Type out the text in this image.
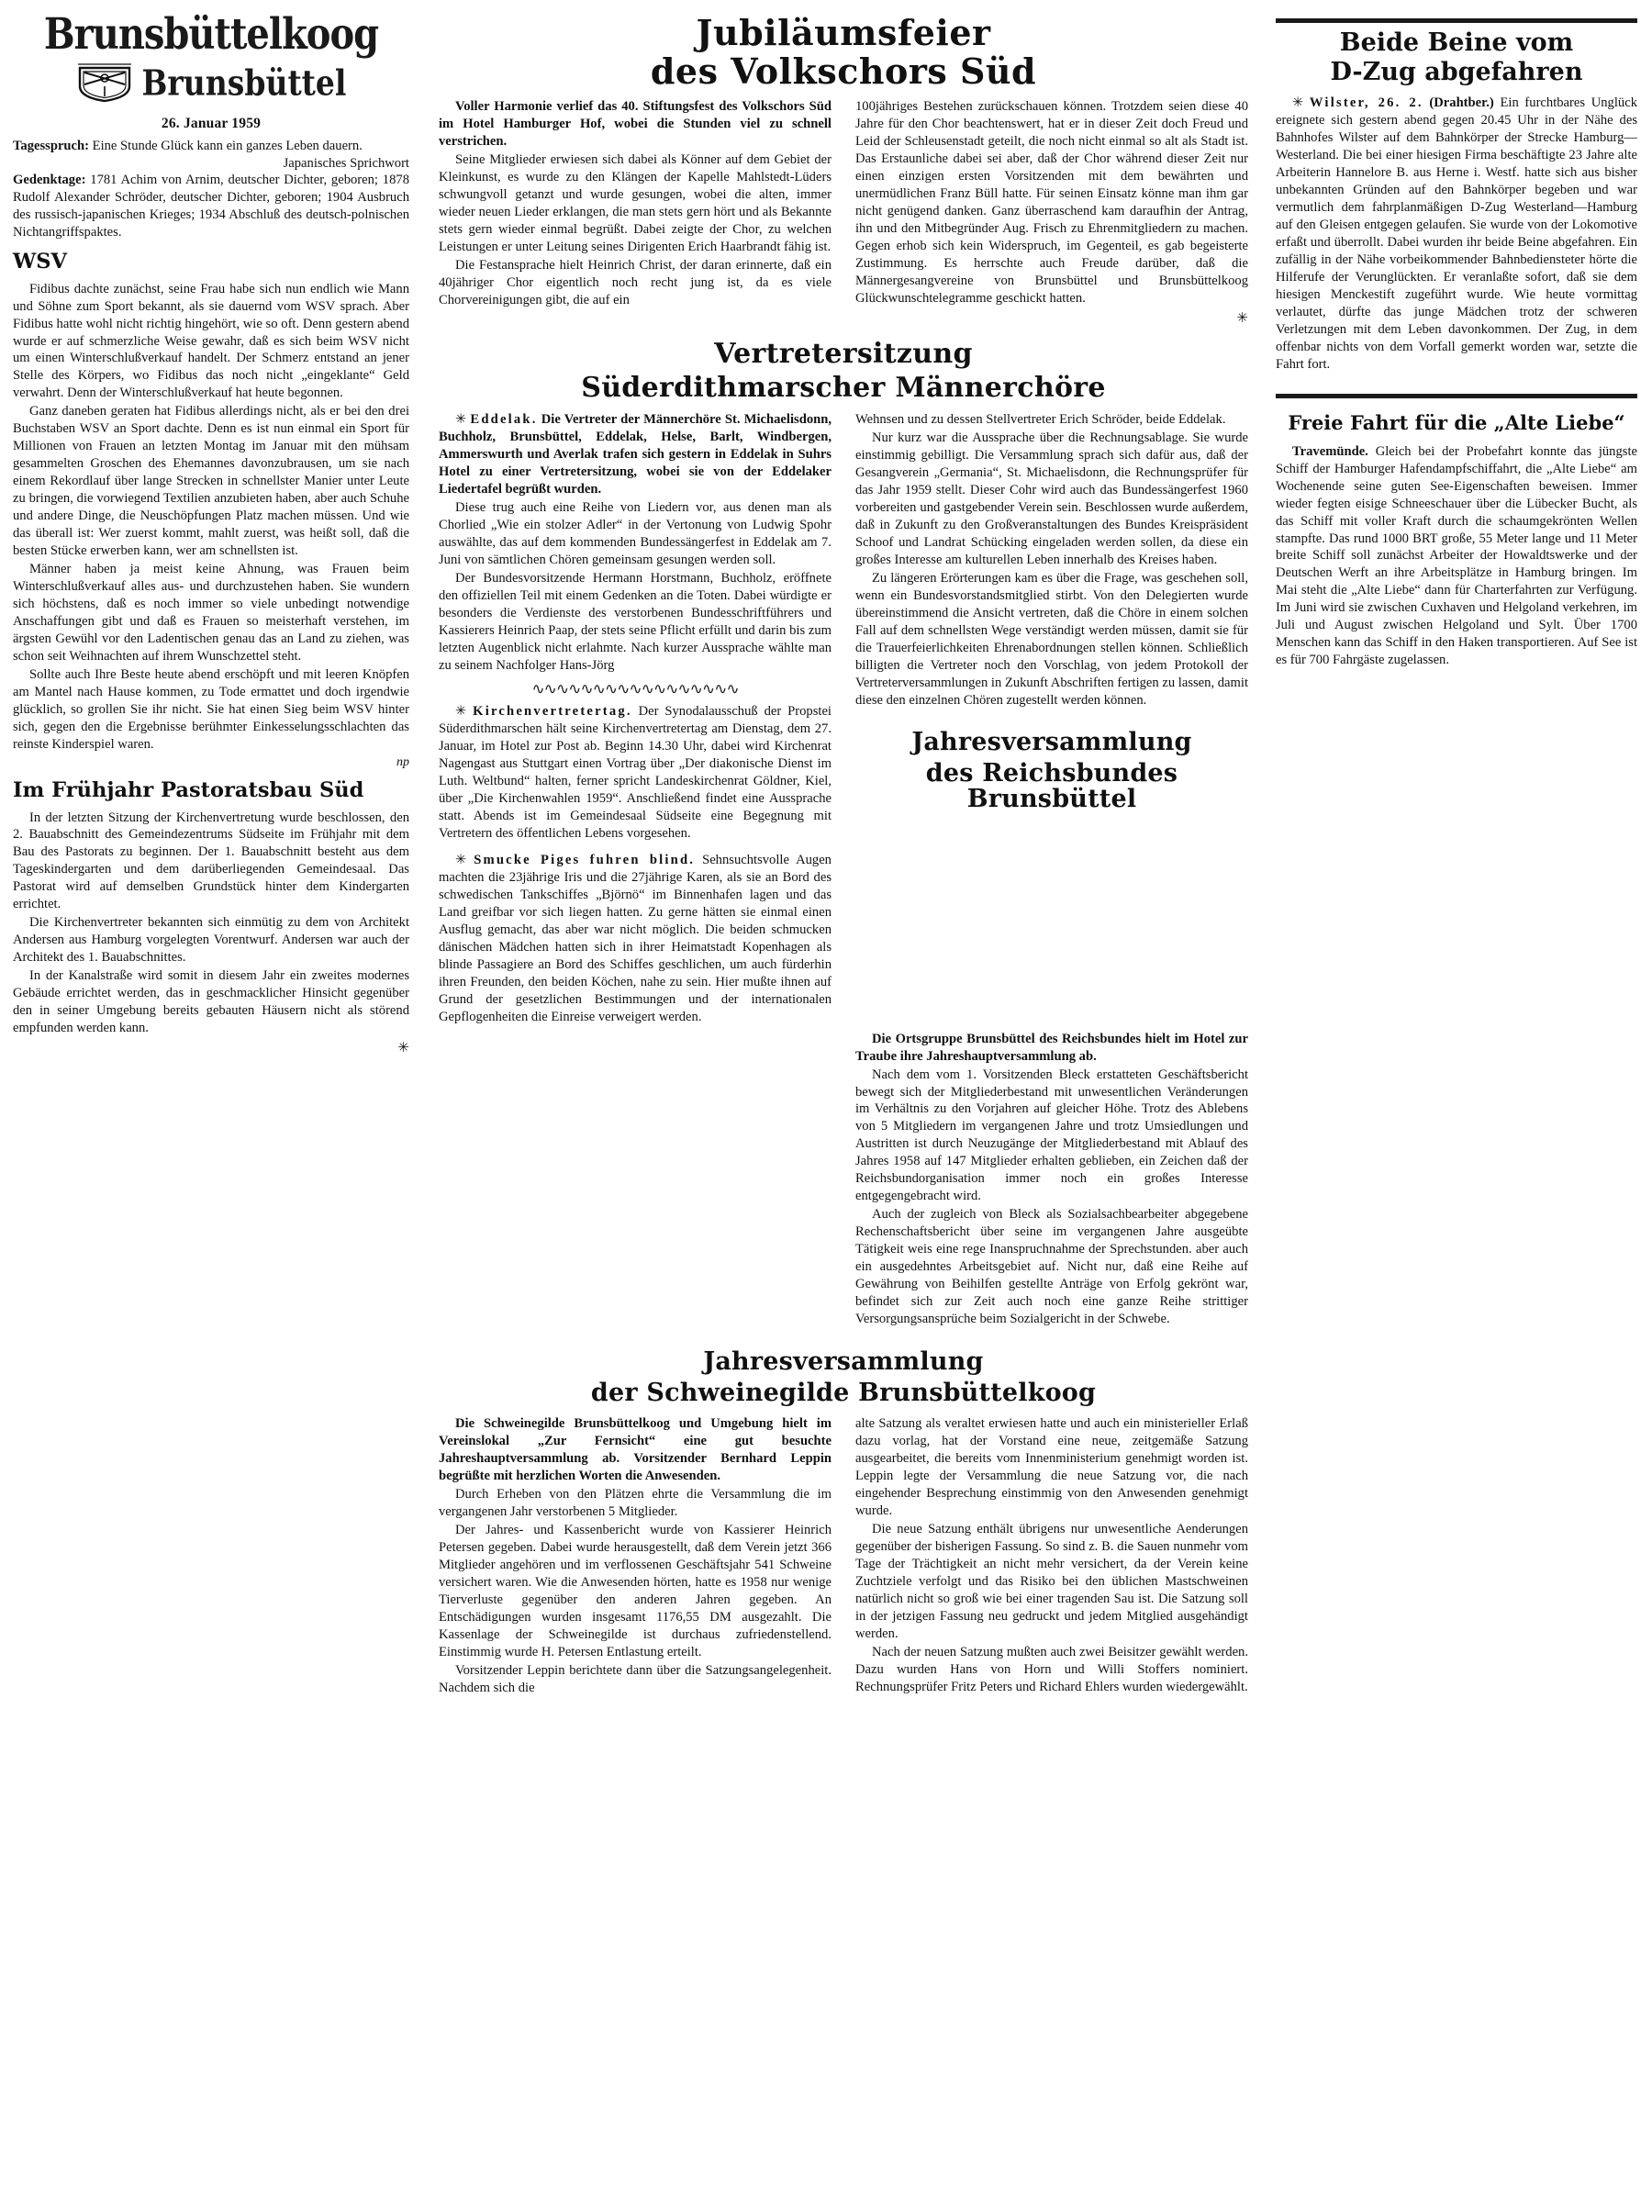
Brunsbüttelkoog
Brunsbüttel
26. Januar 1959
Tagesspruch: Eine Stunde Glück kann ein ganzes Leben dauern.
Japanisches Sprichwort
Gedenktage: 1781 Achim von Arnim, deutscher Dichter, geboren; 1878 Rudolf Alexander Schröder, deutscher Dichter, geboren; 1904 Ausbruch des russisch-japanischen Krieges; 1934 Abschluß des deutsch-polnischen Nichtangriffspaktes.
WSV
Fidibus dachte zunächst, seine Frau habe sich nun endlich wie Mann und Söhne zum Sport bekannt, als sie dauernd vom WSV sprach. Aber Fidibus hatte wohl nicht richtig hingehört, wie so oft. Denn gestern abend wurde er auf schmerzliche Weise gewahr, daß es sich beim WSV nicht um einen Winterschlußverkauf handelt. Der Schmerz entstand an jener Stelle des Körpers, wo Fidibus das noch nicht „eingeklante“ Geld verwahrt. Denn der Winterschlußverkauf hat heute begonnen.
Ganz daneben geraten hat Fidibus allerdings nicht, als er bei den drei Buchstaben WSV an Sport dachte. Denn es ist nun einmal ein Sport für Millionen von Frauen an letzten Montag im Januar mit den mühsam gesammelten Groschen des Ehemannes davonzubrausen, um sie nach einem Rekordlauf über lange Strecken in schnellster Manier unter Leute zu bringen, die vorwiegend Textilien anzubieten haben, aber auch Schuhe und andere Dinge, die Neuschöpfungen Platz machen müssen. Und wie das überall ist: Wer zuerst kommt, mahlt zuerst, was heißt soll, daß die besten Stücke erwerben kann, wer am schnellsten ist.
Männer haben ja meist keine Ahnung, was Frauen beim Winterschlußverkauf alles aus- und durchzustehen haben. Sie wundern sich höchstens, daß es noch immer so viele unbedingt notwendige Anschaffungen gibt und daß es Frauen so meisterhaft verstehen, im ärgsten Gewühl vor den Ladentischen genau das an Land zu ziehen, was schon seit Weihnachten auf ihrem Wunschzettel steht.
Sollte auch Ihre Beste heute abend erschöpft und mit leeren Knöpfen am Mantel nach Hause kommen, zu Tode ermattet und doch irgendwie glücklich, so grollen Sie ihr nicht. Sie hat einen Sieg beim WSV hinter sich, gegen den die Ergebnisse berühmter Einkesselungsschlachten das reinste Kinderspiel waren.
np
Im Frühjahr Pastoratsbau Süd
In der letzten Sitzung der Kirchenvertretung wurde beschlossen, den 2. Bauabschnitt des Gemeindezentrums Südseite im Frühjahr mit dem Bau des Pastorats zu beginnen. Der 1. Bauabschnitt besteht aus dem Tageskindergarten und dem darüberliegenden Gemeindesaal. Das Pastorat wird auf demselben Grundstück hinter dem Kindergarten errichtet.
Die Kirchenvertreter bekannten sich einmütig zu dem von Architekt Andersen aus Hamburg vorgelegten Vorentwurf. Andersen war auch der Architekt des 1. Bauabschnittes.
In der Kanalstraße wird somit in diesem Jahr ein zweites modernes Gebäude errichtet werden, das in geschmacklicher Hinsicht gegenüber den in seiner Umgebung bereits gebauten Häusern nicht als störend empfunden werden kann.
✳
Jubiläumsfeier
des Volkschors Süd
Voller Harmonie verlief das 40. Stiftungsfest des Volkschors Süd im Hotel Hamburger Hof, wobei die Stunden viel zu schnell verstrichen.
Seine Mitglieder erwiesen sich dabei als Könner auf dem Gebiet der Kleinkunst, es wurde zu den Klängen der Kapelle Mahlstedt-Lüders schwungvoll getanzt und wurde gesungen, wobei die alten, immer wieder neuen Lieder erklangen, die man stets gern hört und als Bekannte stets gern wieder einmal begrüßt. Dabei zeigte der Chor, zu welchen Leistungen er unter Leitung seines Dirigenten Erich Haarbrandt fähig ist.
Die Festansprache hielt Heinrich Christ, der daran erinnerte, daß ein 40jähriger Chor eigentlich noch recht jung ist, da es viele Chorvereinigungen gibt, die auf ein
100jähriges Bestehen zurückschauen können. Trotzdem seien diese 40 Jahre für den Chor beachtenswert, hat er in dieser Zeit doch Freud und Leid der Schleusenstadt geteilt, die noch nicht einmal so alt als Stadt ist. Das Erstaunliche dabei sei aber, daß der Chor während dieser Zeit nur einen einzigen ersten Vorsitzenden mit dem bewährten und unermüdlichen Franz Büll hatte. Für seinen Einsatz könne man ihm gar nicht genügend danken. Ganz überraschend kam daraufhin der Antrag, ihn und den Mitbegründer Aug. Frisch zu Ehrenmitgliedern zu machen. Gegen erhob sich kein Widerspruch, im Gegenteil, es gab begeisterte Zustimmung. Es herrschte auch Freude darüber, daß die Männergesangvereine von Brunsbüttel und Brunsbüttelkoog Glückwunschtelegramme geschickt hatten.
✳
Vertretersitzung
Süderdithmarscher Männerchöre
✳ Eddelak. Die Vertreter der Männerchöre St. Michaelisdonn, Buchholz, Brunsbüttel, Eddelak, Helse, Barlt, Windbergen, Ammerswurth und Averlak trafen sich gestern in Eddelak in Suhrs Hotel zu einer Vertretersitzung, wobei sie von der Eddelaker Liedertafel begrüßt wurden.
Diese trug auch eine Reihe von Liedern vor, aus denen man als Chorlied „Wie ein stolzer Adler“ in der Vertonung von Ludwig Spohr auswählte, das auf dem kommenden Bundessängerfest in Eddelak am 7. Juni von sämtlichen Chören gemeinsam gesungen werden soll.
Der Bundesvorsitzende Hermann Horstmann, Buchholz, eröffnete den offiziellen Teil mit einem Gedenken an die Toten. Dabei würdigte er besonders die Verdienste des verstorbenen Bundesschriftführers und Kassierers Heinrich Paap, der stets seine Pflicht erfüllt und darin bis zum letzten Augenblick nicht erlahmte. Nach kurzer Aussprache wählte man zu seinem Nachfolger Hans-Jörg
∿∿∿∿∿∿∿∿∿∿∿∿∿∿∿∿∿
✳ Kirchenvertretertag. Der Synodalausschuß der Propstei Süderdithmarschen hält seine Kirchenvertretertag am Dienstag, dem 27. Januar, im Hotel zur Post ab. Beginn 14.30 Uhr, dabei wird Kirchenrat Nagengast aus Stuttgart einen Vortrag über „Der diakonische Dienst im Luth. Weltbund“ halten, ferner spricht Landeskirchenrat Göldner, Kiel, über „Die Kirchenwahlen 1959“. Anschließend findet eine Aussprache statt. Abends ist im Gemeindesaal Südseite eine Begegnung mit Vertretern des öffentlichen Lebens vorgesehen.
✳ Smucke Piges fuhren blind. Sehnsuchtsvolle Augen machten die 23jährige Iris und die 27jährige Karen, als sie an Bord des schwedischen Tankschiffes „Björnö“ im Binnenhafen lagen und das Land greifbar vor sich liegen hatten. Zu gerne hätten sie einmal einen Ausflug gemacht, das aber war nicht möglich. Die beiden schmucken dänischen Mädchen hatten sich in ihrer Heimatstadt Kopenhagen als blinde Passagiere an Bord des Schiffes geschlichen, um auch fürderhin ihren Freunden, den beiden Köchen, nahe zu sein. Hier mußte ihnen auf Grund der gesetzlichen Bestimmungen und der internationalen Gepflogenheiten die Einreise verweigert werden.
Wehnsen und zu dessen Stellvertreter Erich Schröder, beide Eddelak.
Nur kurz war die Aussprache über die Rechnungsablage. Sie wurde einstimmig gebilligt. Die Versammlung sprach sich dafür aus, daß der Gesangverein „Germania“, St. Michaelisdonn, die Rechnungsprüfer für das Jahr 1959 stellt. Dieser Cohr wird auch das Bundessängerfest 1960 vorbereiten und gastgebender Verein sein. Beschlossen wurde außerdem, daß in Zukunft zu den Großveranstaltungen des Bundes Kreispräsident Schoof und Landrat Schücking eingeladen werden sollen, da diese ein großes Interesse am kulturellen Leben innerhalb des Kreises haben.
Zu längeren Erörterungen kam es über die Frage, was geschehen soll, wenn ein Bundesvorstandsmitglied stirbt. Von den Delegierten wurde übereinstimmend die Ansicht vertreten, daß die Chöre in einem solchen Fall auf dem schnellsten Wege verständigt werden müssen, damit sie für die Trauerfeierlichkeiten Ehrenabordnungen stellen können. Schließlich billigten die Vertreter noch den Vorschlag, von jedem Protokoll der Vertreterversammlungen in Zukunft Abschriften fertigen zu lassen, damit diese den einzelnen Chören zugestellt werden können.
Jahresversammlung
des Reichsbundes Brunsbüttel
Die Ortsgruppe Brunsbüttel des Reichsbundes hielt im Hotel zur Traube ihre Jahreshauptversammlung ab.
Nach dem vom 1. Vorsitzenden Bleck erstatteten Geschäftsbericht bewegt sich der Mitgliederbestand mit unwesentlichen Veränderungen im Verhältnis zu den Vorjahren auf gleicher Höhe. Trotz des Ablebens von 5 Mitgliedern im vergangenen Jahre und trotz Umsiedlungen und Austritten ist durch Neuzugänge der Mitgliederbestand mit Ablauf des Jahres 1958 auf 147 Mitglieder erhalten geblieben, ein Zeichen daß der Reichsbundorganisation immer noch ein großes Interesse entgegengebracht wird.
Auch der zugleich von Bleck als Sozialsachbearbeiter abgegebene Rechenschaftsbericht über seine im vergangenen Jahre ausgeübte Tätigkeit weis eine rege Inanspruchnahme der Sprechstunden. aber auch ein ausgedehntes Arbeitsgebiet auf. Nicht nur, daß eine Reihe auf Gewährung von Beihilfen gestellte Anträge von Erfolg gekrönt war, befindet sich zur Zeit auch noch eine ganze Reihe strittiger Versorgungsansprüche beim Sozialgericht in der Schwebe.
Jahresversammlung
der Schweinegilde Brunsbüttelkoog
Die Schweinegilde Brunsbüttelkoog und Umgebung hielt im Vereinslokal „Zur Fernsicht“ eine gut besuchte Jahreshauptversammlung ab. Vorsitzender Bernhard Leppin begrüßte mit herzlichen Worten die Anwesenden.
Durch Erheben von den Plätzen ehrte die Versammlung die im vergangenen Jahr verstorbenen 5 Mitglieder.
Der Jahres- und Kassenbericht wurde von Kassierer Heinrich Petersen gegeben. Dabei wurde herausgestellt, daß dem Verein jetzt 366 Mitglieder angehören und im verflossenen Geschäftsjahr 541 Schweine versichert waren. Wie die Anwesenden hörten, hatte es 1958 nur wenige Tierverluste gegenüber den anderen Jahren gegeben. An Entschädigungen wurden insgesamt 1176,55 DM ausgezahlt. Die Kassenlage der Schweinegilde ist durchaus zufriedenstellend. Einstimmig wurde H. Petersen Entlastung erteilt.
Vorsitzender Leppin berichtete dann über die Satzungsangelegenheit. Nachdem sich die
alte Satzung als veraltet erwiesen hatte und auch ein ministerieller Erlaß dazu vorlag, hat der Vorstand eine neue, zeitgemäße Satzung ausgearbeitet, die bereits vom Innenministerium genehmigt worden ist. Leppin legte der Versammlung die neue Satzung vor, die nach eingehender Besprechung einstimmig von den Anwesenden genehmigt wurde.
Die neue Satzung enthält übrigens nur unwesentliche Aenderungen gegenüber der bisherigen Fassung. So sind z. B. die Sauen nunmehr vom Tage der Trächtigkeit an nicht mehr versichert, da der Verein keine Zuchtziele verfolgt und das Risiko bei den üblichen Mastschweinen natürlich nicht so groß wie bei einer tragenden Sau ist. Die Satzung soll in der jetzigen Fassung neu gedruckt und jedem Mitglied ausgehändigt werden.
Nach der neuen Satzung mußten auch zwei Beisitzer gewählt werden. Dazu wurden Hans von Horn und Willi Stoffers nominiert. Rechnungsprüfer Fritz Peters und Richard Ehlers wurden wiedergewählt.
Beide Beine vom
D-Zug abgefahren
✳ Wilster, 26. 2. (Drahtber.) Ein furchtbares Unglück ereignete sich gestern abend gegen 20.45 Uhr in der Nähe des Bahnhofes Wilster auf dem Bahnkörper der Strecke Hamburg—Westerland. Die bei einer hiesigen Firma beschäftigte 23 Jahre alte Arbeiterin Hannelore B. aus Herne i. Westf. hatte sich aus bisher unbekannten Gründen auf den Bahnkörper begeben und war vermutlich dem fahrplanmäßigen D-Zug Westerland—Hamburg auf den Gleisen entgegen gelaufen. Sie wurde von der Lokomotive erfaßt und überrollt. Dabei wurden ihr beide Beine abgefahren. Ein zufällig in der Nähe vorbeikommender Bahnbediensteter hörte die Hilferufe der Verunglückten. Er veranlaßte sofort, daß sie dem hiesigen Menckestift zugeführt wurde. Wie heute vormittag verlautet, dürfte das junge Mädchen trotz der schweren Verletzungen mit dem Leben davonkommen. Der Zug, in dem offenbar nichts von dem Vorfall gemerkt worden war, setzte die Fahrt fort.
Freie Fahrt für die „Alte Liebe“
Travemünde. Gleich bei der Probefahrt konnte das jüngste Schiff der Hamburger Hafendampfschiffahrt, die „Alte Liebe“ am Wochenende seine guten See-Eigenschaften beweisen. Immer wieder fegten eisige Schneeschauer über die Lübecker Bucht, als das Schiff mit voller Kraft durch die schaumgekrönten Wellen stampfte. Das rund 1000 BRT große, 55 Meter lange und 11 Meter breite Schiff soll zunächst Arbeiter der Howaldtswerke und der Deutschen Werft an ihre Arbeitsplätze in Hamburg bringen. Im Mai steht die „Alte Liebe“ dann für Charterfahrten zur Verfügung. Im Juni wird sie zwischen Cuxhaven und Helgoland verkehren, im Juli und August zwischen Helgoland und Sylt. Über 1700 Menschen kann das Schiff in den Haken transportieren. Auf See ist es für 700 Fahrgäste zugelassen.
